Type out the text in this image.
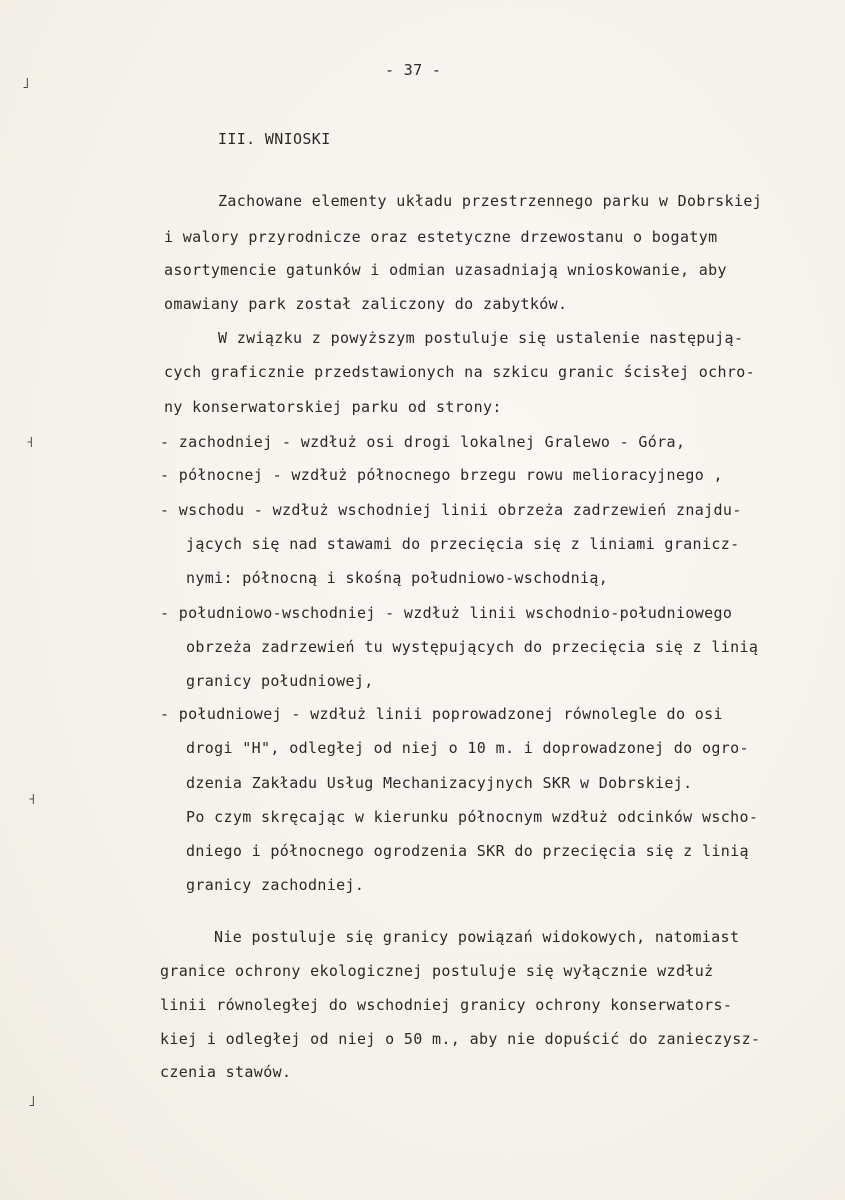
˩
˧
˧
˩
- 37 -
III. WNIOSKI
Zachowane elementy układu przestrzennego parku w Dobrskiej
i walory przyrodnicze oraz estetyczne drzewostanu o bogatym
asortymencie gatunków i odmian uzasadniają wnioskowanie, aby
omawiany park został zaliczony do zabytków.
W związku z powyższym postuluje się ustalenie następują-
cych graficznie przedstawionych na szkicu granic ścisłej ochro-
ny konserwatorskiej parku od strony:
- zachodniej - wzdłuż osi drogi lokalnej Gralewo - Góra,
- północnej - wzdłuż północnego brzegu rowu melioracyjnego ,
- wschodu - wzdłuż wschodniej linii obrzeża zadrzewień znajdu-
jących się nad stawami do przecięcia się z liniami granicz-
nymi: północną i skośną południowo-wschodnią,
- południowo-wschodniej - wzdłuż linii wschodnio-południowego
obrzeża zadrzewień tu występujących do przecięcia się z linią
granicy południowej,
- południowej - wzdłuż linii poprowadzonej równolegle do osi
drogi "H", odległej od niej o 10 m. i doprowadzonej do ogro-
dzenia Zakładu Usług Mechanizacyjnych SKR w Dobrskiej.
Po czym skręcając w kierunku północnym wzdłuż odcinków wscho-
dniego i północnego ogrodzenia SKR do przecięcia się z linią
granicy zachodniej.
Nie postuluje się granicy powiązań widokowych, natomiast
granice ochrony ekologicznej postuluje się wyłącznie wzdłuż
linii równoległej do wschodniej granicy ochrony konserwators-
kiej i odległej od niej o 50 m., aby nie dopuścić do zanieczysz-
czenia stawów.
